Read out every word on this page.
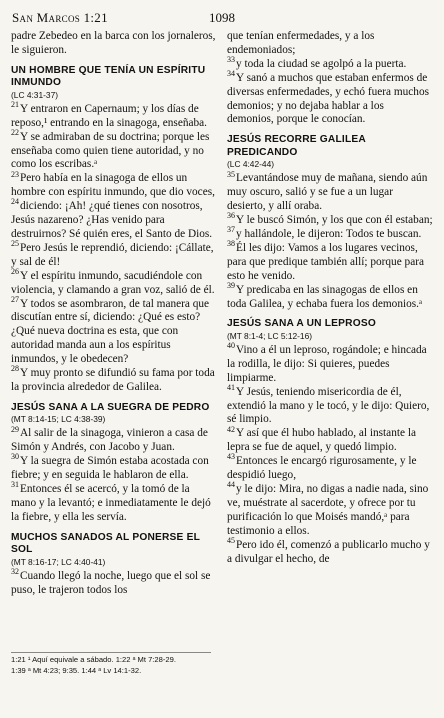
San Marcos 1:21	1098

padre Zebedeo en la barca con los jornaleros, le siguieron.

UN HOMBRE QUE TENÍA UN ESPÍRITU INMUNDO
(LC 4:31-37)

$^{21}$Y entraron en Capernaum; y los días de reposo,¹ entrando en la sinagoga, enseñaba.

$^{22}$Y se admiraban de su doctrina; porque les enseñaba como quien tiene autoridad, y no como los escribas.ᵃ

$^{23}$Pero había en la sinagoga de ellos un hombre con espíritu inmundo, que dio voces,

$^{24}$diciendo: ¡Ah! ¿qué tienes con nosotros, Jesús nazareno? ¿Has venido para destruirnos? Sé quién eres, el Santo de Dios.

$^{25}$Pero Jesús le reprendió, diciendo: ¡Cállate, y sal de él!

$^{26}$Y el espíritu inmundo, sacudiéndole con violencia, y clamando a gran voz, salió de él.

$^{27}$Y todos se asombraron, de tal manera que discutían entre sí, diciendo: ¿Qué es esto? ¿Qué nueva doctrina es esta, que con autoridad manda aun a los espíritus inmundos, y le obedecen?

$^{28}$Y muy pronto se difundió su fama por toda la provincia alrededor de Galilea.

JESÚS SANA A LA SUEGRA DE PEDRO
(MT 8:14-15; LC 4:38-39)

$^{29}$Al salir de la sinagoga, vinieron a casa de Simón y Andrés, con Jacobo y Juan.

$^{30}$Y la suegra de Simón estaba acostada con fiebre; y en seguida le hablaron de ella.

$^{31}$Entonces él se acercó, y la tomó de la mano y la levantó; e inmediatamente le dejó la fiebre, y ella les servía.

MUCHOS SANADOS AL PONERSE EL SOL
(MT 8:16-17; LC 4:40-41)

$^{32}$Cuando llegó la noche, luego que el sol se puso, le trajeron todos los

que tenían enfermedades, y a los endemoniados;

$^{33}$y toda la ciudad se agolpó a la puerta.

$^{34}$Y sanó a muchos que estaban enfermos de diversas enfermedades, y echó fuera muchos demonios; y no dejaba hablar a los demonios, porque le conocían.

JESÚS RECORRE GALILEA PREDICANDO
(LC 4:42-44)

$^{35}$Levantándose muy de mañana, siendo aún muy oscuro, salió y se fue a un lugar desierto, y allí oraba.

$^{36}$Y le buscó Simón, y los que con él estaban;

$^{37}$y hallándole, le dijeron: Todos te buscan.

$^{38}$Él les dijo: Vamos a los lugares vecinos, para que predique también allí; porque para esto he venido.

$^{39}$Y predicaba en las sinagogas de ellos en toda Galilea, y echaba fuera los demonios.ᵃ

JESÚS SANA A UN LEPROSO
(MT 8:1-4; LC 5:12-16)

$^{40}$Vino a él un leproso, rogándole; e hincada la rodilla, le dijo: Si quieres, puedes limpiarme.

$^{41}$Y Jesús, teniendo misericordia de él, extendió la mano y le tocó, y le dijo: Quiero, sé limpio.

$^{42}$Y así que él hubo hablado, al instante la lepra se fue de aquel, y quedó limpio.

$^{43}$Entonces le encargó rigurosamente, y le despidió luego,

$^{44}$y le dijo: Mira, no digas a nadie nada, sino ve, muéstrate al sacerdote, y ofrece por tu purificación lo que Moisés mandó,ᵃ para testimonio a ellos.

$^{45}$Pero ido él, comenzó a publicarlo mucho y a divulgar el hecho, de

1:21 ¹ Aquí equivale a sábado. 1:22 ᵃ Mt 7:28-29.
1:39 ᵃ Mt 4:23; 9:35. 1:44 ᵃ Lv 14:1-32.
